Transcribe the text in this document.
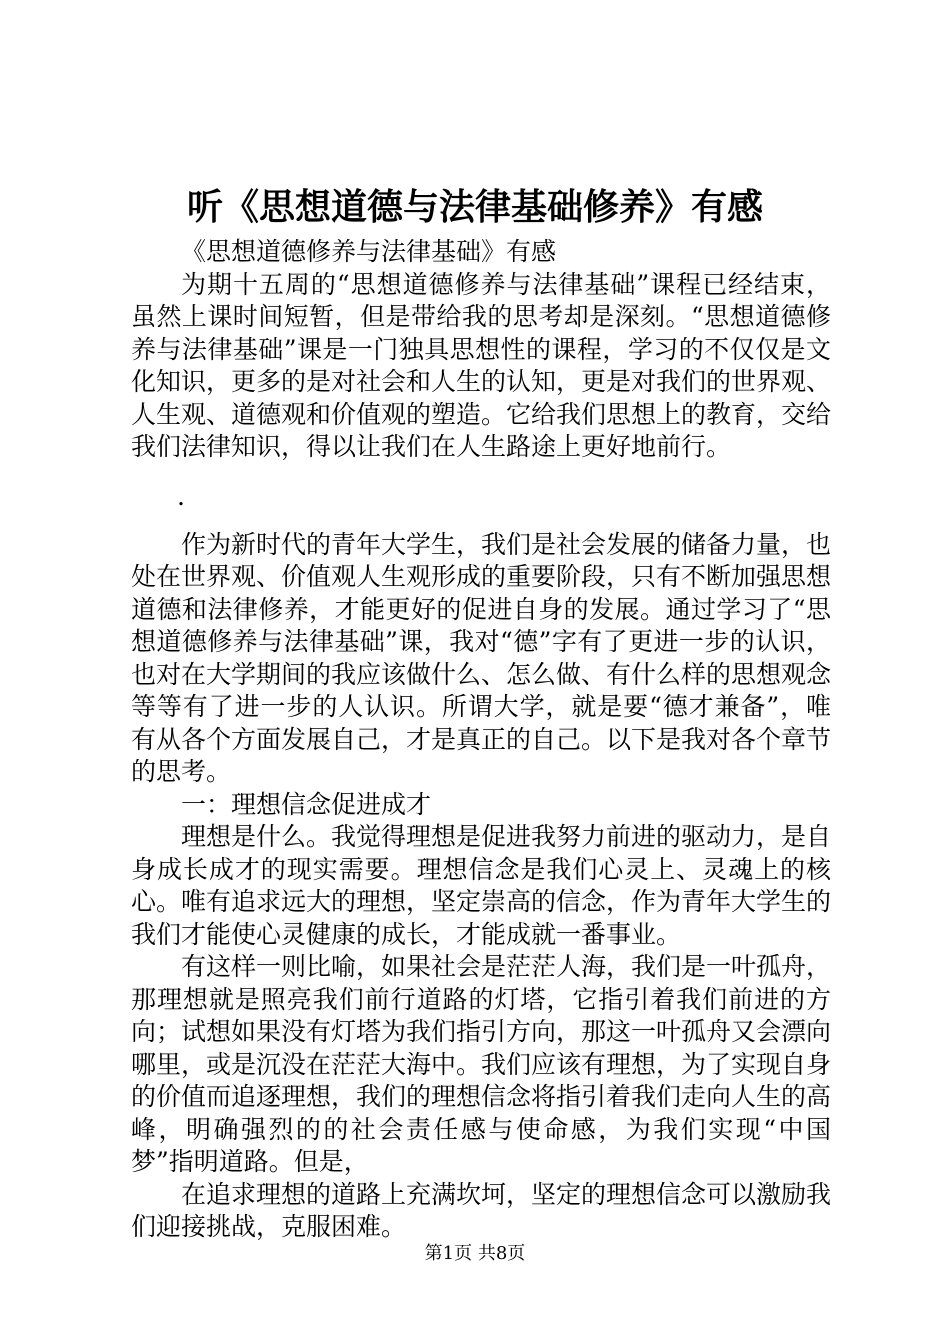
听《思想道德与法律基础修养》有感

《思想道德修养与法律基础》有感

为期十五周的“思想道德修养与法律基础”课程已经结束，虽然上课时间短暂，但是带给我的思考却是深刻。“思想道德修养与法律基础”课是一门独具思想性的课程，学习的不仅仅是文化知识，更多的是对社会和人生的认知，更是对我们的世界观、人生观、道德观和价值观的塑造。它给我们思想上的教育，交给我们法律知识，得以让我们在人生路途上更好地前行。

.

作为新时代的青年大学生，我们是社会发展的储备力量，也处在世界观、价值观人生观形成的重要阶段，只有不断加强思想道德和法律修养，才能更好的促进自身的发展。通过学习了“思想道德修养与法律基础”课，我对“德”字有了更进一步的认识，也对在大学期间的我应该做什么、怎么做、有什么样的思想观念等等有了进一步的人认识。所谓大学，就是要“德才兼备”，唯有从各个方面发展自己，才是真正的自己。以下是我对各个章节的思考。

一：理想信念促进成才

理想是什么。我觉得理想是促进我努力前进的驱动力，是自身成长成才的现实需要。理想信念是我们心灵上、灵魂上的核心。唯有追求远大的理想，坚定崇高的信念，作为青年大学生的我们才能使心灵健康的成长，才能成就一番事业。

有这样一则比喻，如果社会是茫茫人海，我们是一叶孤舟，那理想就是照亮我们前行道路的灯塔，它指引着我们前进的方向；试想如果没有灯塔为我们指引方向，那这一叶孤舟又会漂向哪里，或是沉没在茫茫大海中。我们应该有理想，为了实现自身的价值而追逐理想，我们的理想信念将指引着我们走向人生的高峰，明确强烈的的社会责任感与使命感，为我们实现“中国梦”指明道路。但是，

在追求理想的道路上充满坎坷，坚定的理想信念可以激励我们迎接挑战，克服困难。

第1页 共8页
